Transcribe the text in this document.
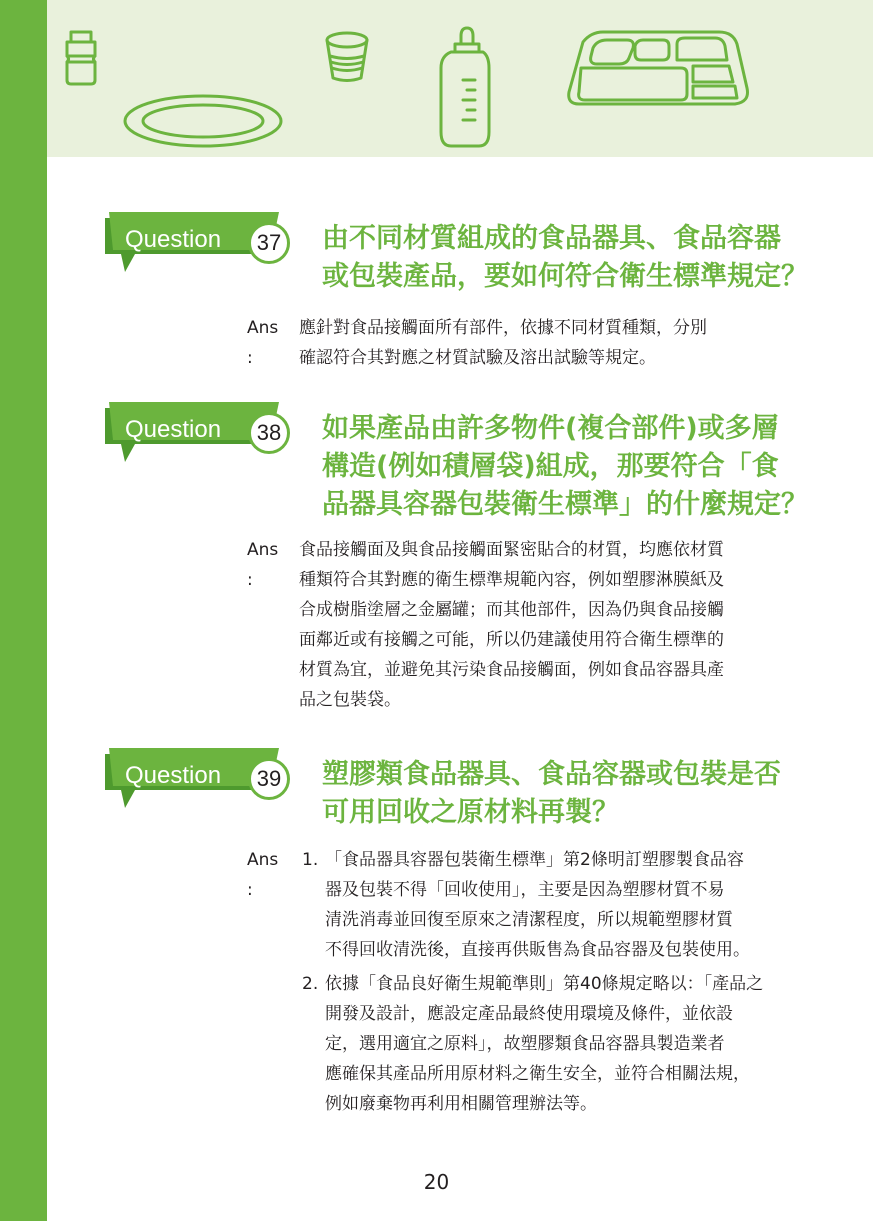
Question	37	由不同材質組成的食品器具、食品容器
或包裝產品，要如何符合衛生標準規定？
Ans :
應針對食品接觸面所有部件，依據不同材質種類，分別
確認符合其對應之材質試驗及溶出試驗等規定。
Question	38	如果產品由許多物件(複合部件)或多層
構造(例如積層袋)組成，那要符合「食
品器具容器包裝衛生標準」的什麼規定？
Ans :
食品接觸面及與食品接觸面緊密貼合的材質，均應依材質
種類符合其對應的衛生標準規範內容，例如塑膠淋膜紙及
合成樹脂塗層之金屬罐；而其他部件，因為仍與食品接觸
面鄰近或有接觸之可能，所以仍建議使用符合衛生標準的
材質為宜，並避免其污染食品接觸面，例如食品容器具產
品之包裝袋。
Question	39	塑膠類食品器具、食品容器或包裝是否
可用回收之原材料再製？
Ans :
1. 「食品器具容器包裝衛生標準」第2條明訂塑膠製食品容
器及包裝不得「回收使用」，主要是因為塑膠材質不易
清洗消毒並回復至原來之清潔程度，所以規範塑膠材質
不得回收清洗後，直接再供販售為食品容器及包裝使用。
2. 依據「食品良好衛生規範準則」第40條規定略以：「產品之
開發及設計，應設定產品最終使用環境及條件，並依設
定，選用適宜之原料」，故塑膠類食品容器具製造業者
應確保其產品所用原材料之衛生安全，並符合相關法規，
例如廢棄物再利用相關管理辦法等。
20
